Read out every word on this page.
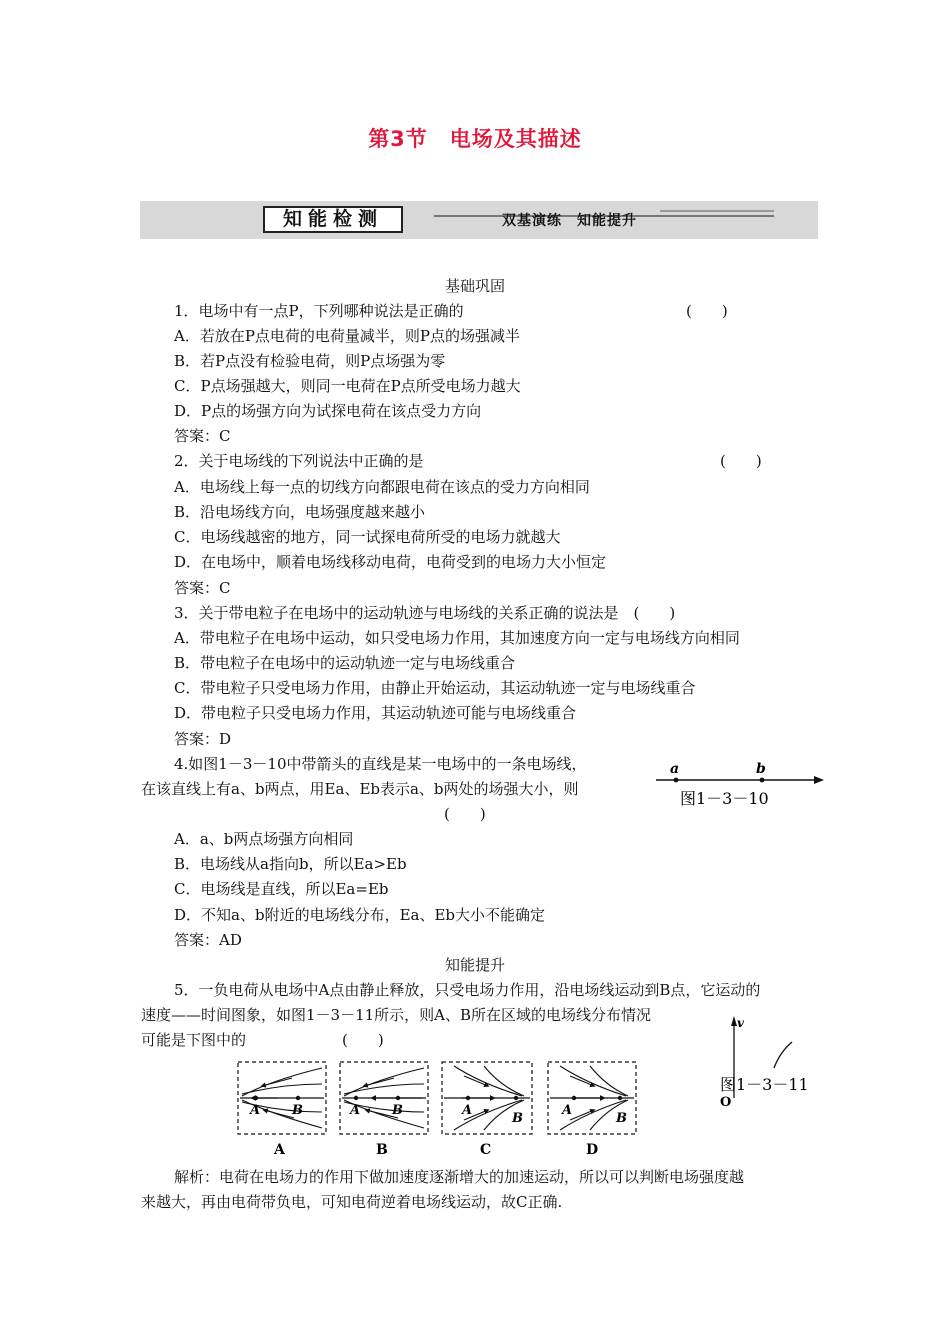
第3节　电场及其描述
知能检测	双基演练　知能提升
基础巩固
1．电场中有一点P，下列哪种说法是正确的	(　　)
A．若放在P点电荷的电荷量减半，则P点的场强减半
B．若P点没有检验电荷，则P点场强为零
C．P点场强越大，则同一电荷在P点所受电场力越大
D．P点的场强方向为试探电荷在该点受力方向
答案：C
2．关于电场线的下列说法中正确的是	(　　)
A．电场线上每一点的切线方向都跟电荷在该点的受力方向相同
B．沿电场线方向，电场强度越来越小
C．电场线越密的地方，同一试探电荷所受的电场力就越大
D．在电场中，顺着电场线移动电荷，电荷受到的电场力大小恒定
答案：C
3．关于带电粒子在电场中的运动轨迹与电场线的关系正确的说法是　(　　)
A．带电粒子在电场中运动，如只受电场力作用，其加速度方向一定与电场线方向相同
B．带电粒子在电场中的运动轨迹一定与电场线重合
C．带电粒子只受电场力作用，由静止开始运动，其运动轨迹一定与电场线重合
D．带电粒子只受电场力作用，其运动轨迹可能与电场线重合
答案：D
4.如图1－3－10中带箭头的直线是某一电场中的一条电场线，
在该直线上有a、b两点，用Ea、Eb表示a、b两处的场强大小，则
(　　)
a	b
图1－3－10
A．a、b两点场强方向相同
B．电场线从a指向b，所以Ea>Eb
C．电场线是直线，所以Ea=Eb
D．不知a、b附近的电场线分布，Ea、Eb大小不能确定
答案：AD
知能提升
5．一负电荷从电场中A点由静止释放，只受电场力作用，沿电场线运动到B点，它运动的
速度——时间图象，如图1－3－11所示，则A、B所在区域的电场线分布情况
可能是下图中的	(　　)
v
图1－3－11
O
A B
A
A B
B
A
B
C
A
B
D
解析：电荷在电场力的作用下做加速度逐渐增大的加速运动，所以可以判断电场强度越
来越大，再由电荷带负电，可知电荷逆着电场线运动，故C正确.
